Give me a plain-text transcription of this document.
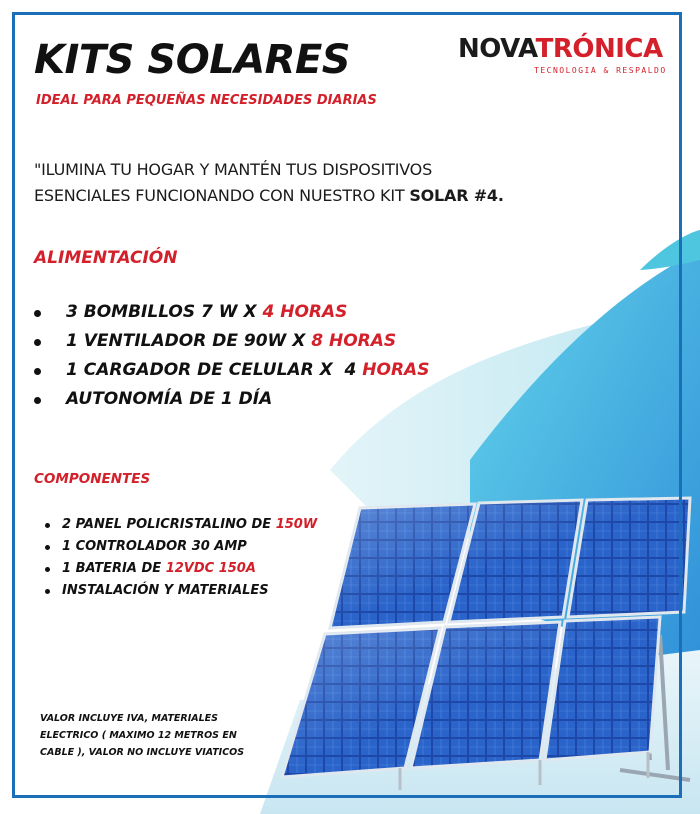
KITS SOLARES
IDEAL PARA PEQUEÑAS NECESIDADES DIARIAS
NOVATRÓNICA
TECNOLOGIA & RESPALDO
"ILUMINA TU HOGAR Y MANTÉN TUS DISPOSITIVOS
ESENCIALES FUNCIONANDO CON NUESTRO KIT SOLAR #4.
ALIMENTACIÓN
3 BOMBILLOS 7 W X 4 HORAS
1 VENTILADOR DE 90W X 8 HORAS
1 CARGADOR DE CELULAR X  4 HORAS
AUTONOMÍA DE 1 DÍA
COMPONENTES
2 PANEL POLICRISTALINO DE 150W
1 CONTROLADOR 30 AMP
1 BATERIA DE 12VDC 150A
INSTALACIÓN Y MATERIALES
VALOR INCLUYE IVA, MATERIALES ELECTRICO ( MAXIMO 12 METROS EN CABLE ), VALOR NO INCLUYE VIATICOS
